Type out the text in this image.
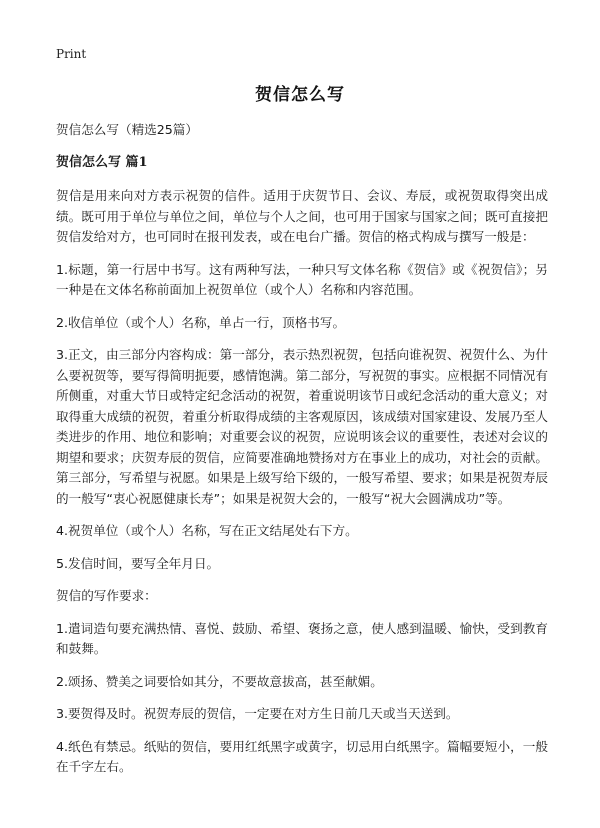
Print
贺信怎么写

贺信怎么写（精选25篇）

贺信怎么写 篇1

贺信是用来向对方表示祝贺的信件。适用于庆贺节日、会议、寿辰，或祝贺取得突出成绩。既可用于单位与单位之间，单位与个人之间，也可用于国家与国家之间；既可直接把贺信发给对方，也可同时在报刊发表，或在电台广播。贺信的格式构成与撰写一般是：

1.标题，第一行居中书写。这有两种写法，一种只写文体名称《贺信》或《祝贺信》；另一种是在文体名称前面加上祝贺单位（或个人）名称和内容范围。

2.收信单位（或个人）名称，单占一行，顶格书写。

3.正文，由三部分内容构成：第一部分，表示热烈祝贺，包括向谁祝贺、祝贺什么、为什么要祝贺等，要写得简明扼要，感情饱满。第二部分，写祝贺的事实。应根据不同情况有所侧重，对重大节日或特定纪念活动的祝贺，着重说明该节日或纪念活动的重大意义；对取得重大成绩的祝贺，着重分析取得成绩的主客观原因，该成绩对国家建设、发展乃至人类进步的作用、地位和影响；对重要会议的祝贺，应说明该会议的重要性，表述对会议的期望和要求；庆贺寿辰的贺信，应简要准确地赞扬对方在事业上的成功，对社会的贡献。第三部分，写希望与祝愿。如果是上级写给下级的，一般写希望、要求；如果是祝贺寿辰的一般写“衷心祝愿健康长寿”；如果是祝贺大会的，一般写“祝大会圆满成功”等。

4.祝贺单位（或个人）名称，写在正文结尾处右下方。

5.发信时间，要写全年月日。

贺信的写作要求：

1.遣词造句要充满热情、喜悦、鼓励、希望、褒扬之意，使人感到温暖、愉快，受到教育和鼓舞。

2.颂扬、赞美之词要恰如其分，不要故意拔高，甚至献媚。

3.要贺得及时。祝贺寿辰的贺信，一定要在对方生日前几天或当天送到。

4.纸色有禁忌。纸贴的贺信，要用红纸黑字或黄字，切忌用白纸黑字。篇幅要短小，一般在千字左右。
